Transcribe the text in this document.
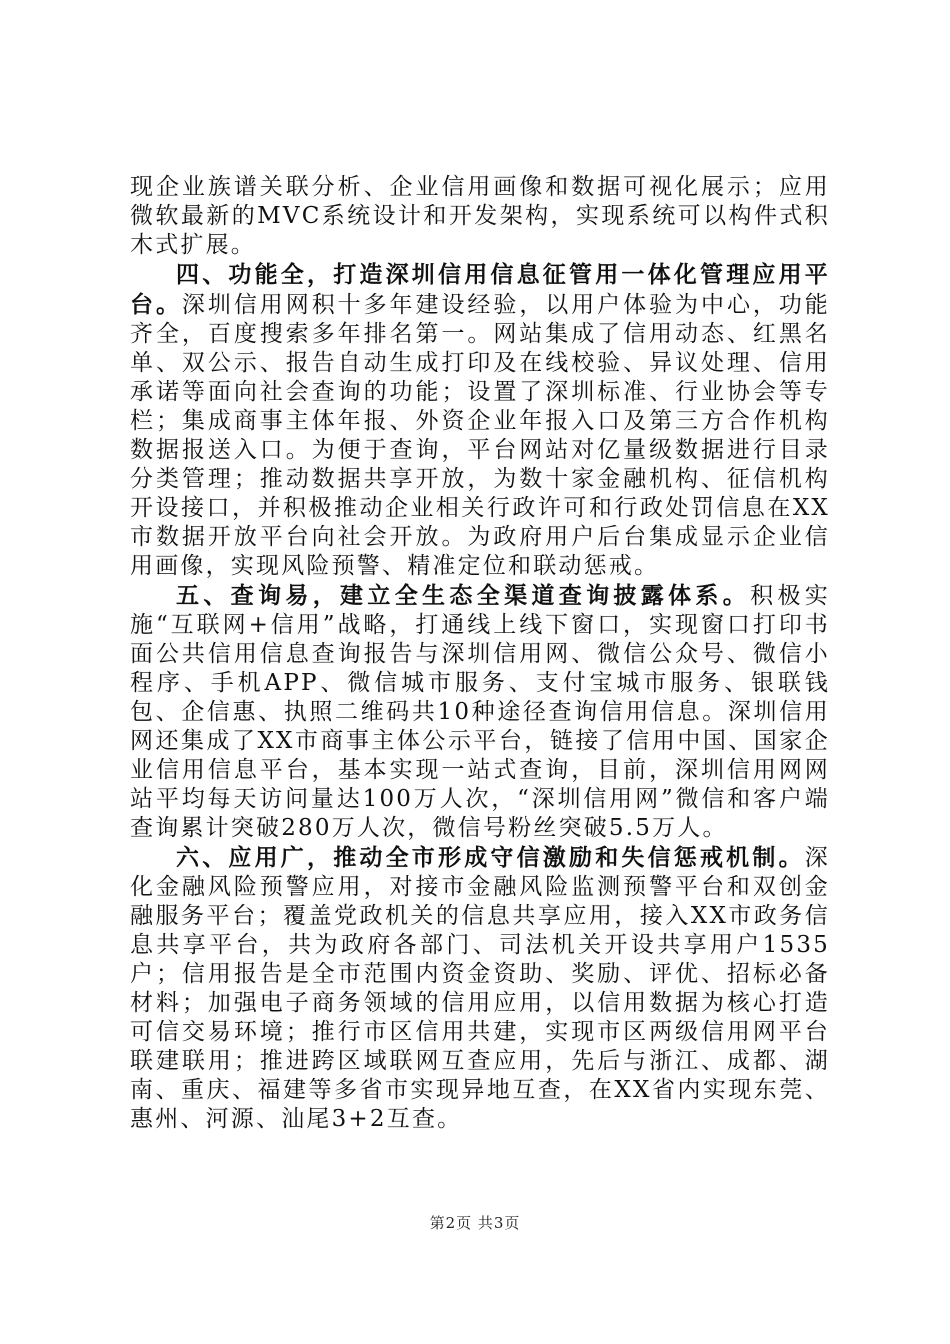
现企业族谱关联分析、企业信用画像和数据可视化展示；应用微软最新的MVC系统设计和开发架构，实现系统可以构件式积木式扩展。

四、功能全，打造深圳信用信息征管用一体化管理应用平台。深圳信用网积十多年建设经验，以用户体验为中心，功能齐全，百度搜索多年排名第一。网站集成了信用动态、红黑名单、双公示、报告自动生成打印及在线校验、异议处理、信用承诺等面向社会查询的功能；设置了深圳标准、行业协会等专栏；集成商事主体年报、外资企业年报入口及第三方合作机构数据报送入口。为便于查询，平台网站对亿量级数据进行目录分类管理；推动数据共享开放，为数十家金融机构、征信机构开设接口，并积极推动企业相关行政许可和行政处罚信息在XX市数据开放平台向社会开放。为政府用户后台集成显示企业信用画像，实现风险预警、精准定位和联动惩戒。

五、查询易，建立全生态全渠道查询披露体系。积极实施“互联网+信用”战略，打通线上线下窗口，实现窗口打印书面公共信用信息查询报告与深圳信用网、微信公众号、微信小程序、手机APP、微信城市服务、支付宝城市服务、银联钱包、企信惠、执照二维码共10种途径查询信用信息。深圳信用网还集成了XX市商事主体公示平台，链接了信用中国、国家企业信用信息平台，基本实现一站式查询，目前，深圳信用网网站平均每天访问量达100万人次，“深圳信用网”微信和客户端查询累计突破280万人次，微信号粉丝突破5.5万人。

六、应用广，推动全市形成守信激励和失信惩戒机制。深化金融风险预警应用，对接市金融风险监测预警平台和双创金融服务平台；覆盖党政机关的信息共享应用，接入XX市政务信息共享平台，共为政府各部门、司法机关开设共享用户1535户；信用报告是全市范围内资金资助、奖励、评优、招标必备材料；加强电子商务领域的信用应用，以信用数据为核心打造可信交易环境；推行市区信用共建，实现市区两级信用网平台联建联用；推进跨区域联网互查应用，先后与浙江、成都、湖南、重庆、福建等多省市实现异地互查，在XX省内实现东莞、惠州、河源、汕尾3+2互查。

第2页 共3页
